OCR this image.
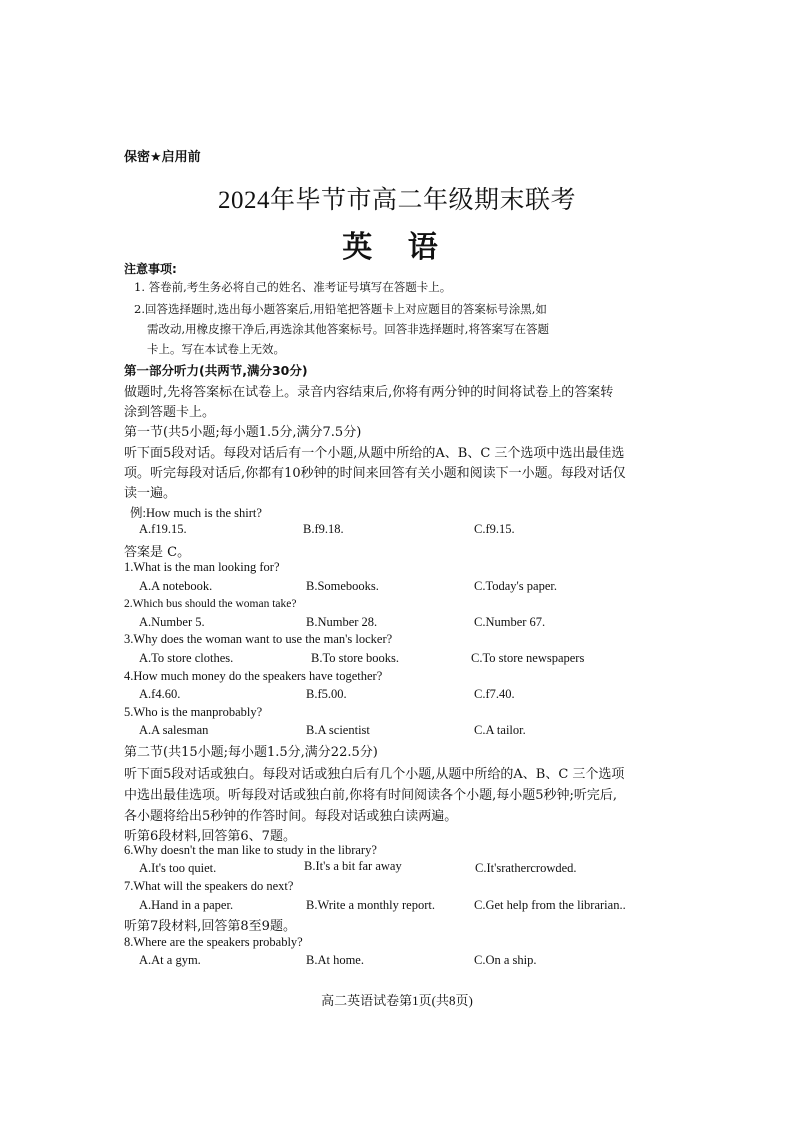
保密★启用前
2024年毕节市高二年级期末联考
英 语
注意事项:
1. 答卷前,考生务必将自己的姓名、准考证号填写在答题卡上。
2.回答选择题时,选出每小题答案后,用铅笔把答题卡上对应题目的答案标号涂黑,如
需改动,用橡皮擦干净后,再选涂其他答案标号。回答非选择题时,将答案写在答题
卡上。写在本试卷上无效。
第一部分听力(共两节,满分30分)
做题时,先将答案标在试卷上。录音内容结束后,你将有两分钟的时间将试卷上的答案转
涂到答题卡上。
第一节(共5小题;每小题1.5分,满分7.5分)
听下面5段对话。每段对话后有一个小题,从题中所给的A、B、C 三个选项中选出最佳选
项。听完每段对话后,你都有10秒钟的时间来回答有关小题和阅读下一小题。每段对话仅
读一遍。
例:How much is the shirt?
A.f19.15.	B.f9.18.	C.f9.15.
答案是 C。
1.What is the man looking for?
A.A notebook.	B.Somebooks.	C.Today's paper.
2.Which bus should the woman take?
A.Number 5.	B.Number 28.	C.Number 67.
3.Why does the woman want to use the man's locker?
A.To store clothes.	B.To store books.	C.To store newspapers
4.How much money do the speakers have together?
A.f4.60.	B.f5.00.	C.f7.40.
5.Who is the manprobably?
A.A salesman	B.A scientist	C.A tailor.
第二节(共15小题;每小题1.5分,满分22.5分)
听下面5段对话或独白。每段对话或独白后有几个小题,从题中所给的A、B、C 三个选项
中选出最佳选项。听每段对话或独白前,你将有时间阅读各个小题,每小题5秒钟;听完后,
各小题将给出5秒钟的作答时间。每段对话或独白读两遍。
听第6段材料,回答第6、7题。
6.Why doesn't the man like to study in the library?
A.It's too quiet.	B.It's a bit far away	C.It'srathercrowded.
7.What will the speakers do next?
A.Hand in a paper.	B.Write a monthly report.	C.Get help from the librarian..
听第7段材料,回答第8至9题。
8.Where are the speakers probably?
A.At a gym.	B.At home.	C.On a ship.
高二英语试卷第1页(共8页)
